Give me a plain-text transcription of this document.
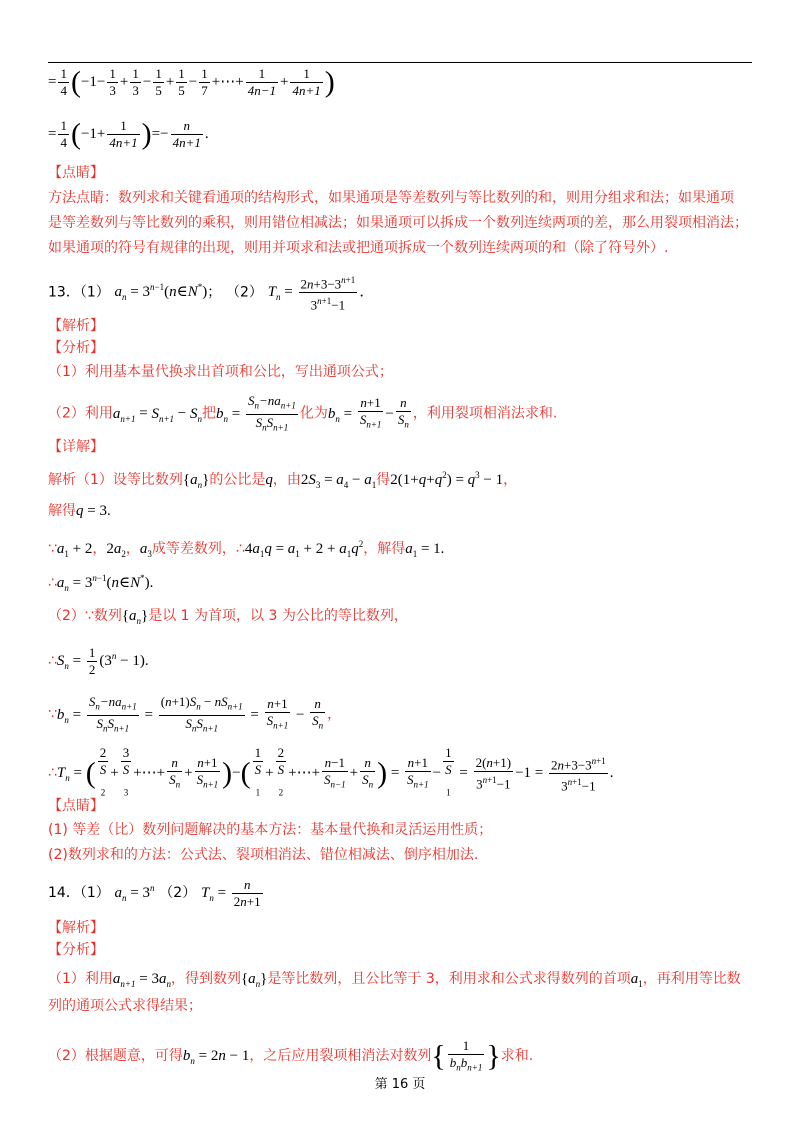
= $\frac{1}{4} (-1- \frac{1}{3} + \frac{1}{3} - \frac{1}{5} + \frac{1}{5} - \frac{1}{7}$ +⋯+ $\frac{1}{4n-1} + \frac{1}{4n+1}$ )
= $\frac{1}{4} (-1+ \frac{1}{4n+1}$ )=− $\frac{n}{4n+1}$ .
【点睛】
方法点睛：数列求和关键看通项的结构形式，如果通项是等差数列与等比数列的和，则用分组求和法；如果通项
是等差数列与等比数列的乘积，则用错位相减法；如果通项可以拆成一个数列连续两项的差，那么用裂项相消法；
如果通项的符号有规律的出现，则用并项求和法或把通项拆成一个数列连续两项的和（除了符号外）.
13．（1） $a_n$ = $3^{n-1}(n\in N^*)$； （2） $T_n = \frac{2n+3-3^{n+1}}{3^{n+1}-1}$ .
【解析】
【分析】
（1）利用基本量代换求出首项和公比，写出通项公式；
（2）利用$a_{n+1} = S_{n+1} - S_n$把$b_n$ =
$S_n-na_{n+1}$
$S_nS_{n+1}$
化为$b_n = \frac{n+1}{S_{n+1}} - \frac{n}{S_n}$ ，利用裂项相消法求和.
【详解】
解析（1）设等比数列$\{a_n\}$的公比是q，由$2S_3 = a_4 - a_1$得$2(1+q+q^2) = q^3 - 1$，
解得q = 3.
$\because a_1 + 2$，$2a_2$，$a_3$成等差数列，$\therefore 4a_1q = a_1 + 2 + a_1q^2$，解得$a_1 = 1$.
$\therefore a_n$ = $3^{n-1}(n\in N^*)$.
（2）∵数列$\{a_n\}$是以 1 为首项，以 3 为公比的等比数列，
$\therefore S_n = \frac{1}{2} (3^n - 1)$.
$\because b_n$ =
$S_n-na_{n+1}$
$S_nS_{n+1}$
=
$(n+1)S_n - nS_{n+1}$
$S_nS_{n+1}$
= $\frac{n+1}{S_{n+1}} - \frac{n}{S_n}$ ，
$\therefore T_n$ = (
2
S
$_2$+
3
S
$_3$+⋯+ $\frac{n}{S_n} + \frac{n+1}{S_{n+1}}$ )−(
1
S
$_1$+
2
S
$_2$+⋯+ $\frac{n-1}{S_{n-1}} + \frac{n}{S_n}$ ) = $\frac{n+1}{S_{n+1}}$ −
1
S
$_1 = \frac{2(n+1)}{3^{n+1}-1} -1 = \frac{2n+3-3^{n+1}}{3^{n+1}-1}$ .
【点睛】
(1) 等差（比）数列问题解决的基本方法：基本量代换和灵活运用性质；
(2)数列求和的方法：公式法、裂项相消法、错位相减法、倒序相加法.
14．（1） $a_n = 3^n$ （2） $T_n = \frac{n}{2n+1}$
【解析】
【分析】
（1）利用$a_{n+1} = 3a_n$，得到数列$\{a_n\}$是等比数列，且公比等于 3，利用求和公式求得数列的首项$a_1$，再利用等比数
列的通项公式求得结果；
（2）根据题意，可得$b_n = 2n - 1$，之后应用裂项相消法对数列{	1
$b_nb_{n+1}$ }求和.
第 16 页
